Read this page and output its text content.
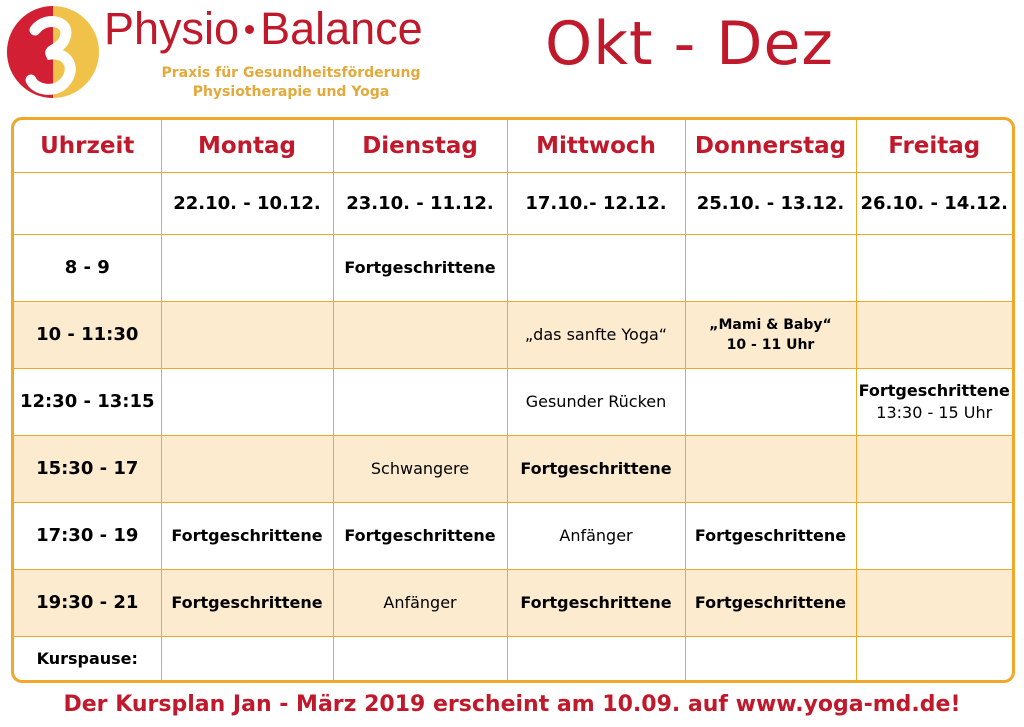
Physio Balance
Praxis für Gesundheitsförderung
Physiotherapie und Yoga
Okt - Dez
Uhrzeit	Montag	Dienstag	Mittwoch	Donnerstag	Freitag
	22.10. - 10.12.	23.10. - 11.12.	17.10.- 12.12.	25.10. - 13.12.	26.10. - 14.12.
8 - 9		Fortgeschrittene			
10 - 11:30			„das sanfte Yoga“	„Mami & Baby“
10 - 11 Uhr	

12:30 - 13:15			Gesunder Rücken		Fortgeschrittene
13:30 - 15 Uhr

15:30 - 17		Schwangere	Fortgeschrittene		
17:30 - 19	Fortgeschrittene	Fortgeschrittene	Anfänger	Fortgeschrittene	
19:30 - 21	Fortgeschrittene	Anfänger	Fortgeschrittene	Fortgeschrittene	
Kurspause:					
Der Kursplan Jan - März 2019 erscheint am 10.09. auf www.yoga-md.de!
